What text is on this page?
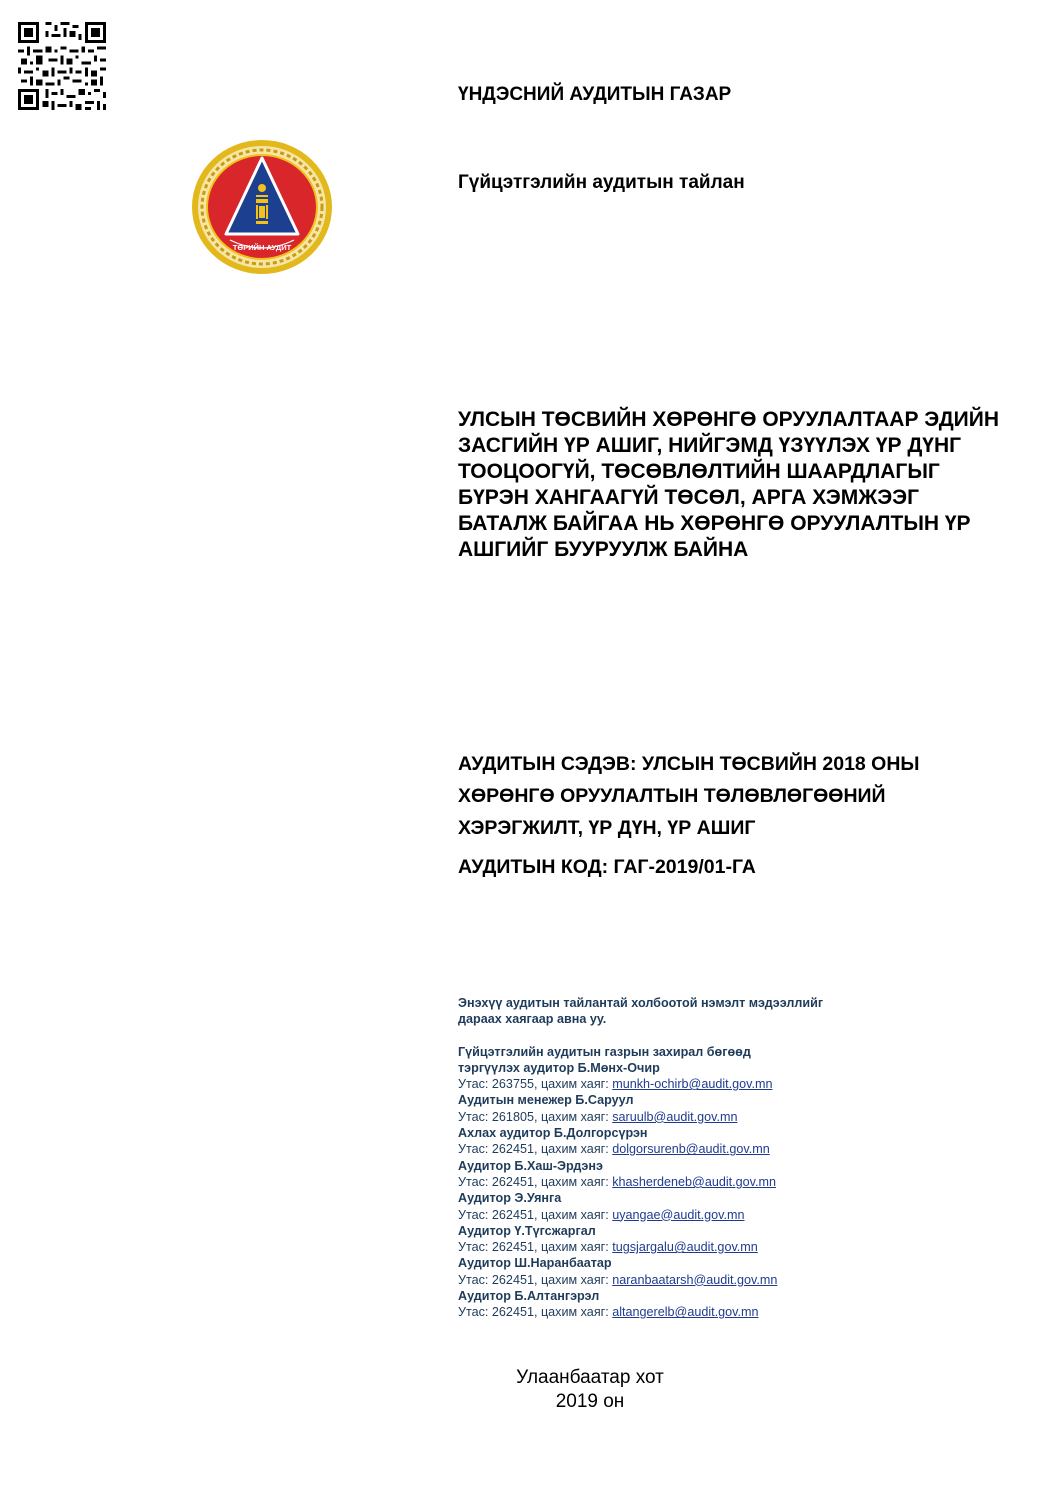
ТӨРИЙН АУДИТ
ҮНДЭСНИЙ АУДИТЫН ГАЗАР
Гүйцэтгэлийн аудитын тайлан
УЛСЫН ТӨСВИЙН ХӨРӨНГӨ ОРУУЛАЛТААР ЭДИЙН
ЗАСГИЙН ҮР АШИГ, НИЙГЭМД ҮЗҮҮЛЭХ ҮР ДҮНГ
ТООЦООГҮЙ, ТӨСӨВЛӨЛТИЙН ШААРДЛАГЫГ
БҮРЭН ХАНГААГҮЙ ТӨСӨЛ, АРГА ХЭМЖЭЭГ
БАТАЛЖ БАЙГАА НЬ ХӨРӨНГӨ ОРУУЛАЛТЫН ҮР
АШГИЙГ БУУРУУЛЖ БАЙНА
АУДИТЫН СЭДЭВ: УЛСЫН ТӨСВИЙН 2018 ОНЫ
ХӨРӨНГӨ ОРУУЛАЛТЫН ТӨЛӨВЛӨГӨӨНИЙ
ХЭРЭГЖИЛТ, ҮР ДҮН, ҮР АШИГ
АУДИТЫН КОД: ГАГ-2019/01-ГА
Энэхүү аудитын тайлантай холбоотой нэмэлт мэдээллийг
дараах хаягаар авна уу.
Гүйцэтгэлийн аудитын газрын захирал бөгөөд
тэргүүлэх аудитор Б.Мөнх-Очир
Утас: 263755, цахим хаяг: munkh-ochirb@audit.gov.mn
Аудитын менежер Б.Саруул
Утас: 261805, цахим хаяг: saruulb@audit.gov.mn
Ахлах аудитор Б.Долгорсүрэн
Утас: 262451, цахим хаяг: dolgorsurenb@audit.gov.mn
Аудитор Б.Хаш-Эрдэнэ
Утас: 262451, цахим хаяг: khasherdeneb@audit.gov.mn
Аудитор Э.Уянга
Утас: 262451, цахим хаяг: uyangae@audit.gov.mn
Аудитор Ү.Түгсжаргал
Утас: 262451, цахим хаяг: tugsjargalu@audit.gov.mn
Аудитор Ш.Наранбаатар
Утас: 262451, цахим хаяг: naranbaatarsh@audit.gov.mn
Аудитор Б.Алтангэрэл
Утас: 262451, цахим хаяг: altangerelb@audit.gov.mn
Улаанбаатар хот
2019 он
